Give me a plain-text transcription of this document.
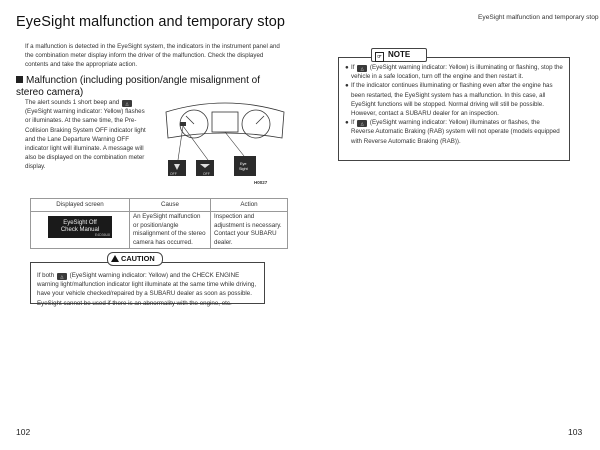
EyeSight malfunction and temporary stop	EyeSight malfunction and temporary stop
If a malfunction is detected in the EyeSight system, the indicators in the instrument panel and the combination meter display inform the driver of the malfunction. Check the displayed contents and take the appropriate action.
Malfunction (including position/angle misalignment of stereo camera)
The alert sounds 1 short beep and △ (EyeSight warning indicator: Yellow) flashes or illuminates. At the same time, the Pre-Collision Braking System OFF indicator light and the Lane Departure Warning OFF indicator light will illuminate. A message will also be displayed on the combination meter display.
OFF	OFF
Eye
Sight
H0027
Displayed screen	Cause	Action

EyeSight Off
Check Manual
E4D36U8	An EyeSight malfunction or position/angle misalignment of the stereo camera has occurred.	Inspection and adjustment is necessary. Contact your SUBARU dealer.
If both △ (EyeSight warning indicator: Yellow) and the CHECK ENGINE warning light/malfunction indicator light illuminate at the same time while driving, have your vehicle checked/repaired by a SUBARU dealer as soon as possible. EyeSight cannot be used if there is an abnormality with the engine, etc.
CAUTION
● If △ (EyeSight warning indicator: Yellow) is illuminating or flashing, stop the vehicle in a safe location, turn off the engine and then restart it.
● If the indicator continues illuminating or flashing even after the engine has been restarted, the EyeSight system has a malfunction. In this case, all EyeSight functions will be stopped. Normal driving will still be possible. However, contact a SUBARU dealer for an inspection.
● If △ (EyeSight warning indicator: Yellow) illuminates or flashes, the Reverse Automatic Braking (RAB) system will not operate (models equipped with Reverse Automatic Braking (RAB)).
☞ NOTE
102	103
